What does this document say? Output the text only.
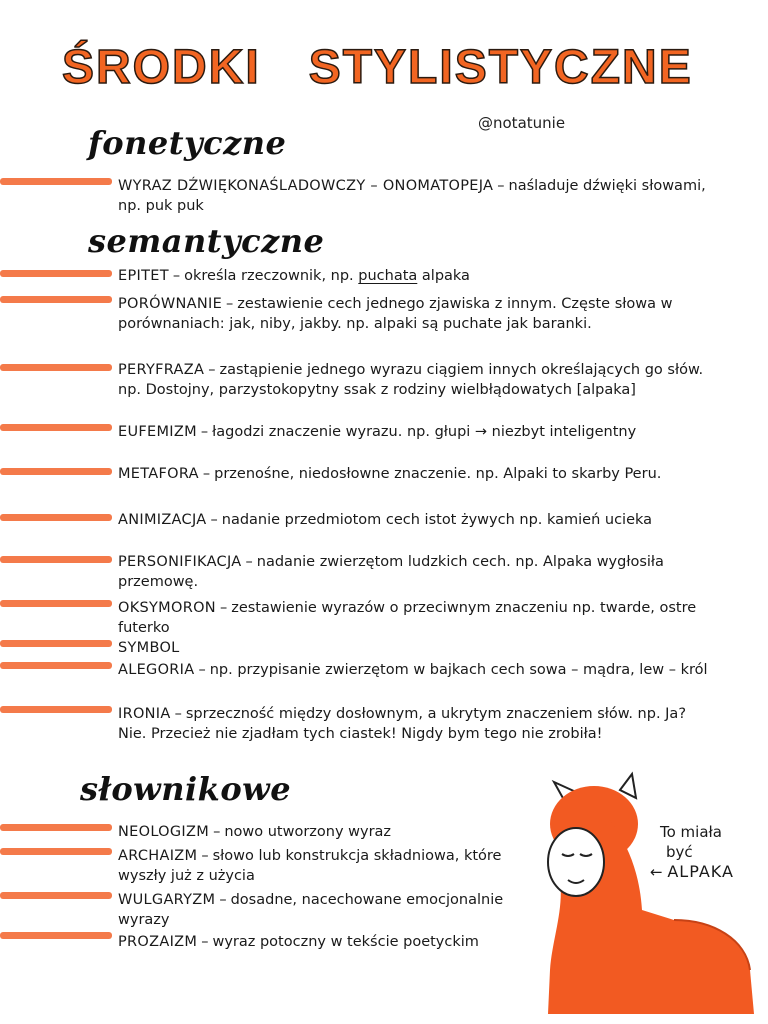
ŚRODKI STYLISTYCZNE
@notatunie
fonetyczne
WYRAZ DŹWIĘKONAŚLADOWCZY – ONOMATOPEJA – naśladuje dźwięki słowami, np. puk puk
semantyczne
EPITET – określa rzeczownik, np. puchata alpaka
PORÓWNANIE – zestawienie cech jednego zjawiska z innym. Częste słowa w porównaniach: jak, niby, jakby. np. alpaki są puchate jak baranki.
PERYFRAZA – zastąpienie jednego wyrazu ciągiem innych określających go słów. np. Dostojny, parzystokopytny ssak z rodziny wielbłądowatych [alpaka]
EUFEMIZM – łagodzi znaczenie wyrazu. np. głupi → niezbyt inteligentny
METAFORA – przenośne, niedosłowne znaczenie. np. Alpaki to skarby Peru.
ANIMIZACJA – nadanie przedmiotom cech istot żywych np. kamień ucieka
PERSONIFIKACJA – nadanie zwierzętom ludzkich cech. np. Alpaka wygłosiła przemowę.
OKSYMORON – zestawienie wyrazów o przeciwnym znaczeniu np. twarde, ostre futerko
SYMBOL
ALEGORIA – np. przypisanie zwierzętom w bajkach cech sowa – mądra, lew – król
IRONIA – sprzeczność między dosłownym, a ukrytym znaczeniem słów. np. Ja? Nie. Przecież nie zjadłam tych ciastek! Nigdy bym tego nie zrobiła!
słownikowe
NEOLOGIZM – nowo utworzony wyraz
ARCHAIZM – słowo lub konstrukcja składniowa, które wyszły już z użycia
WULGARYZM – dosadne, nacechowane emocjonalnie wyrazy
PROZAIZM – wyraz potoczny w tekście poetyckim
To miała
być
← ALPAKA
